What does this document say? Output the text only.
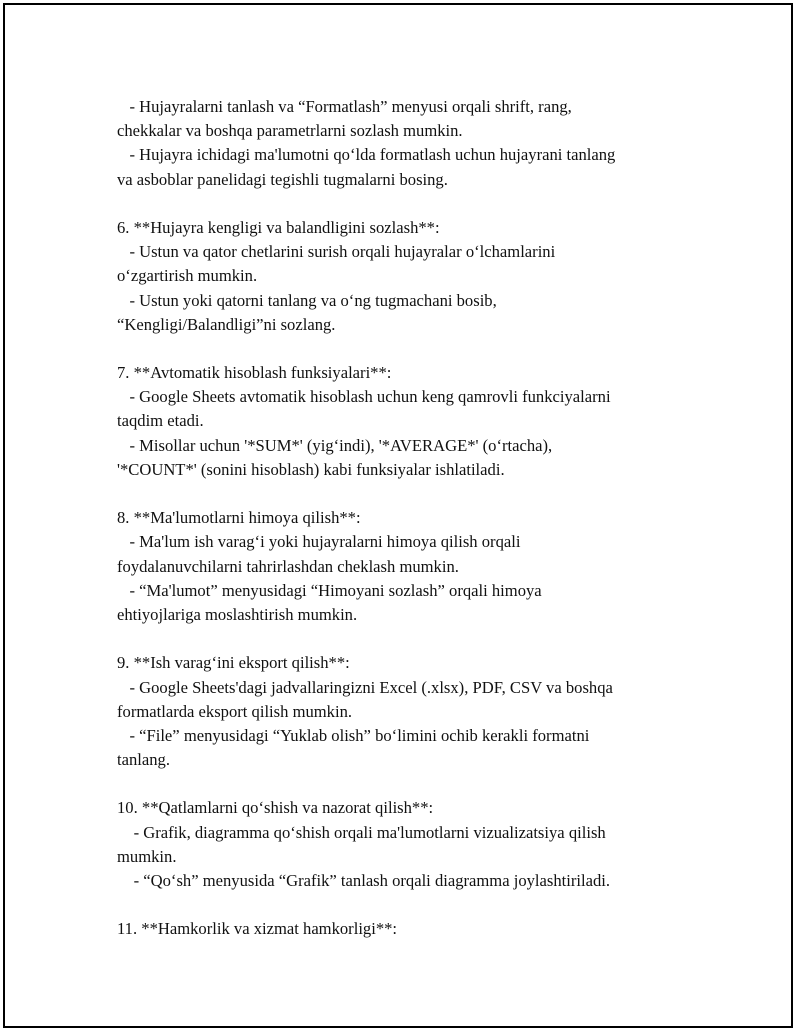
- Hujayralarni tanlash va “Formatlash” menyusi orqali shrift, rang,
chekkalar va boshqa parametrlarni sozlash mumkin.
- Hujayra ichidagi ma'lumotni qo‘lda formatlash uchun hujayrani tanlang
va asboblar panelidagi tegishli tugmalarni bosing.
6. **Hujayra kengligi va balandligini sozlash**:
- Ustun va qator chetlarini surish orqali hujayralar o‘lchamlarini
o‘zgartirish mumkin.
- Ustun yoki qatorni tanlang va o‘ng tugmachani bosib,
“Kengligi/Balandligi”ni sozlang.
7. **Avtomatik hisoblash funksiyalari**:
- Google Sheets avtomatik hisoblash uchun keng qamrovli funkciyalarni
taqdim etadi.
- Misollar uchun '*SUM*' (yig‘indi), '*AVERAGE*' (o‘rtacha),
'*COUNT*' (sonini hisoblash) kabi funksiyalar ishlatiladi.
8. **Ma'lumotlarni himoya qilish**:
- Ma'lum ish varag‘i yoki hujayralarni himoya qilish orqali
foydalanuvchilarni tahrirlashdan cheklash mumkin.
- “Ma'lumot” menyusidagi “Himoyani sozlash” orqali himoya
ehtiyojlariga moslashtirish mumkin.
9. **Ish varag‘ini eksport qilish**:
- Google Sheets'dagi jadvallaringizni Excel (.xlsx), PDF, CSV va boshqa
formatlarda eksport qilish mumkin.
- “File” menyusidagi “Yuklab olish” bo‘limini ochib kerakli formatni
tanlang.
10. **Qatlamlarni qo‘shish va nazorat qilish**:
- Grafik, diagramma qo‘shish orqali ma'lumotlarni vizualizatsiya qilish
mumkin.
- “Qo‘sh” menyusida “Grafik” tanlash orqali diagramma joylashtiriladi.
11. **Hamkorlik va xizmat hamkorligi**:
